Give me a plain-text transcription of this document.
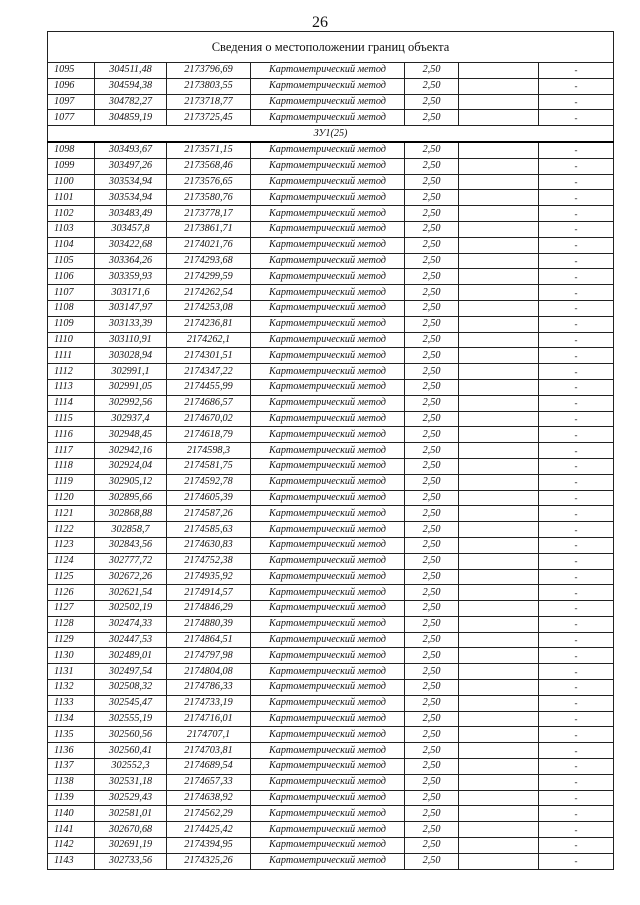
26
Сведения о местоположении границ объекта						
1095	304511,48	2173796,69	Картометрический метод	2,50		-
1096	304594,38	2173803,55	Картометрический метод	2,50		-
1097	304782,27	2173718,77	Картометрический метод	2,50		-
1077	304859,19	2173725,45	Картометрический метод	2,50		-
ЗУ1(25)						
1098	303493,67	2173571,15	Картометрический метод	2,50		-
1099	303497,26	2173568,46	Картометрический метод	2,50		-
1100	303534,94	2173576,65	Картометрический метод	2,50		-
1101	303534,94	2173580,76	Картометрический метод	2,50		-
1102	303483,49	2173778,17	Картометрический метод	2,50		-
1103	303457,8	2173861,71	Картометрический метод	2,50		-
1104	303422,68	2174021,76	Картометрический метод	2,50		-
1105	303364,26	2174293,68	Картометрический метод	2,50		-
1106	303359,93	2174299,59	Картометрический метод	2,50		-
1107	303171,6	2174262,54	Картометрический метод	2,50		-
1108	303147,97	2174253,08	Картометрический метод	2,50		-
1109	303133,39	2174236,81	Картометрический метод	2,50		-
1110	303110,91	2174262,1	Картометрический метод	2,50		-
1111	303028,94	2174301,51	Картометрический метод	2,50		-
1112	302991,1	2174347,22	Картометрический метод	2,50		-
1113	302991,05	2174455,99	Картометрический метод	2,50		-
1114	302992,56	2174686,57	Картометрический метод	2,50		-
1115	302937,4	2174670,02	Картометрический метод	2,50		-
1116	302948,45	2174618,79	Картометрический метод	2,50		-
1117	302942,16	2174598,3	Картометрический метод	2,50		-
1118	302924,04	2174581,75	Картометрический метод	2,50		-
1119	302905,12	2174592,78	Картометрический метод	2,50		-
1120	302895,66	2174605,39	Картометрический метод	2,50		-
1121	302868,88	2174587,26	Картометрический метод	2,50		-
1122	302858,7	2174585,63	Картометрический метод	2,50		-
1123	302843,56	2174630,83	Картометрический метод	2,50		-
1124	302777,72	2174752,38	Картометрический метод	2,50		-
1125	302672,26	2174935,92	Картометрический метод	2,50		-
1126	302621,54	2174914,57	Картометрический метод	2,50		-
1127	302502,19	2174846,29	Картометрический метод	2,50		-
1128	302474,33	2174880,39	Картометрический метод	2,50		-
1129	302447,53	2174864,51	Картометрический метод	2,50		-
1130	302489,01	2174797,98	Картометрический метод	2,50		-
1131	302497,54	2174804,08	Картометрический метод	2,50		-
1132	302508,32	2174786,33	Картометрический метод	2,50		-
1133	302545,47	2174733,19	Картометрический метод	2,50		-
1134	302555,19	2174716,01	Картометрический метод	2,50		-
1135	302560,56	2174707,1	Картометрический метод	2,50		-
1136	302560,41	2174703,81	Картометрический метод	2,50		-
1137	302552,3	2174689,54	Картометрический метод	2,50		-
1138	302531,18	2174657,33	Картометрический метод	2,50		-
1139	302529,43	2174638,92	Картометрический метод	2,50		-
1140	302581,01	2174562,29	Картометрический метод	2,50		-
1141	302670,68	2174425,42	Картометрический метод	2,50		-
1142	302691,19	2174394,95	Картометрический метод	2,50		-
1143	302733,56	2174325,26	Картометрический метод	2,50		-
